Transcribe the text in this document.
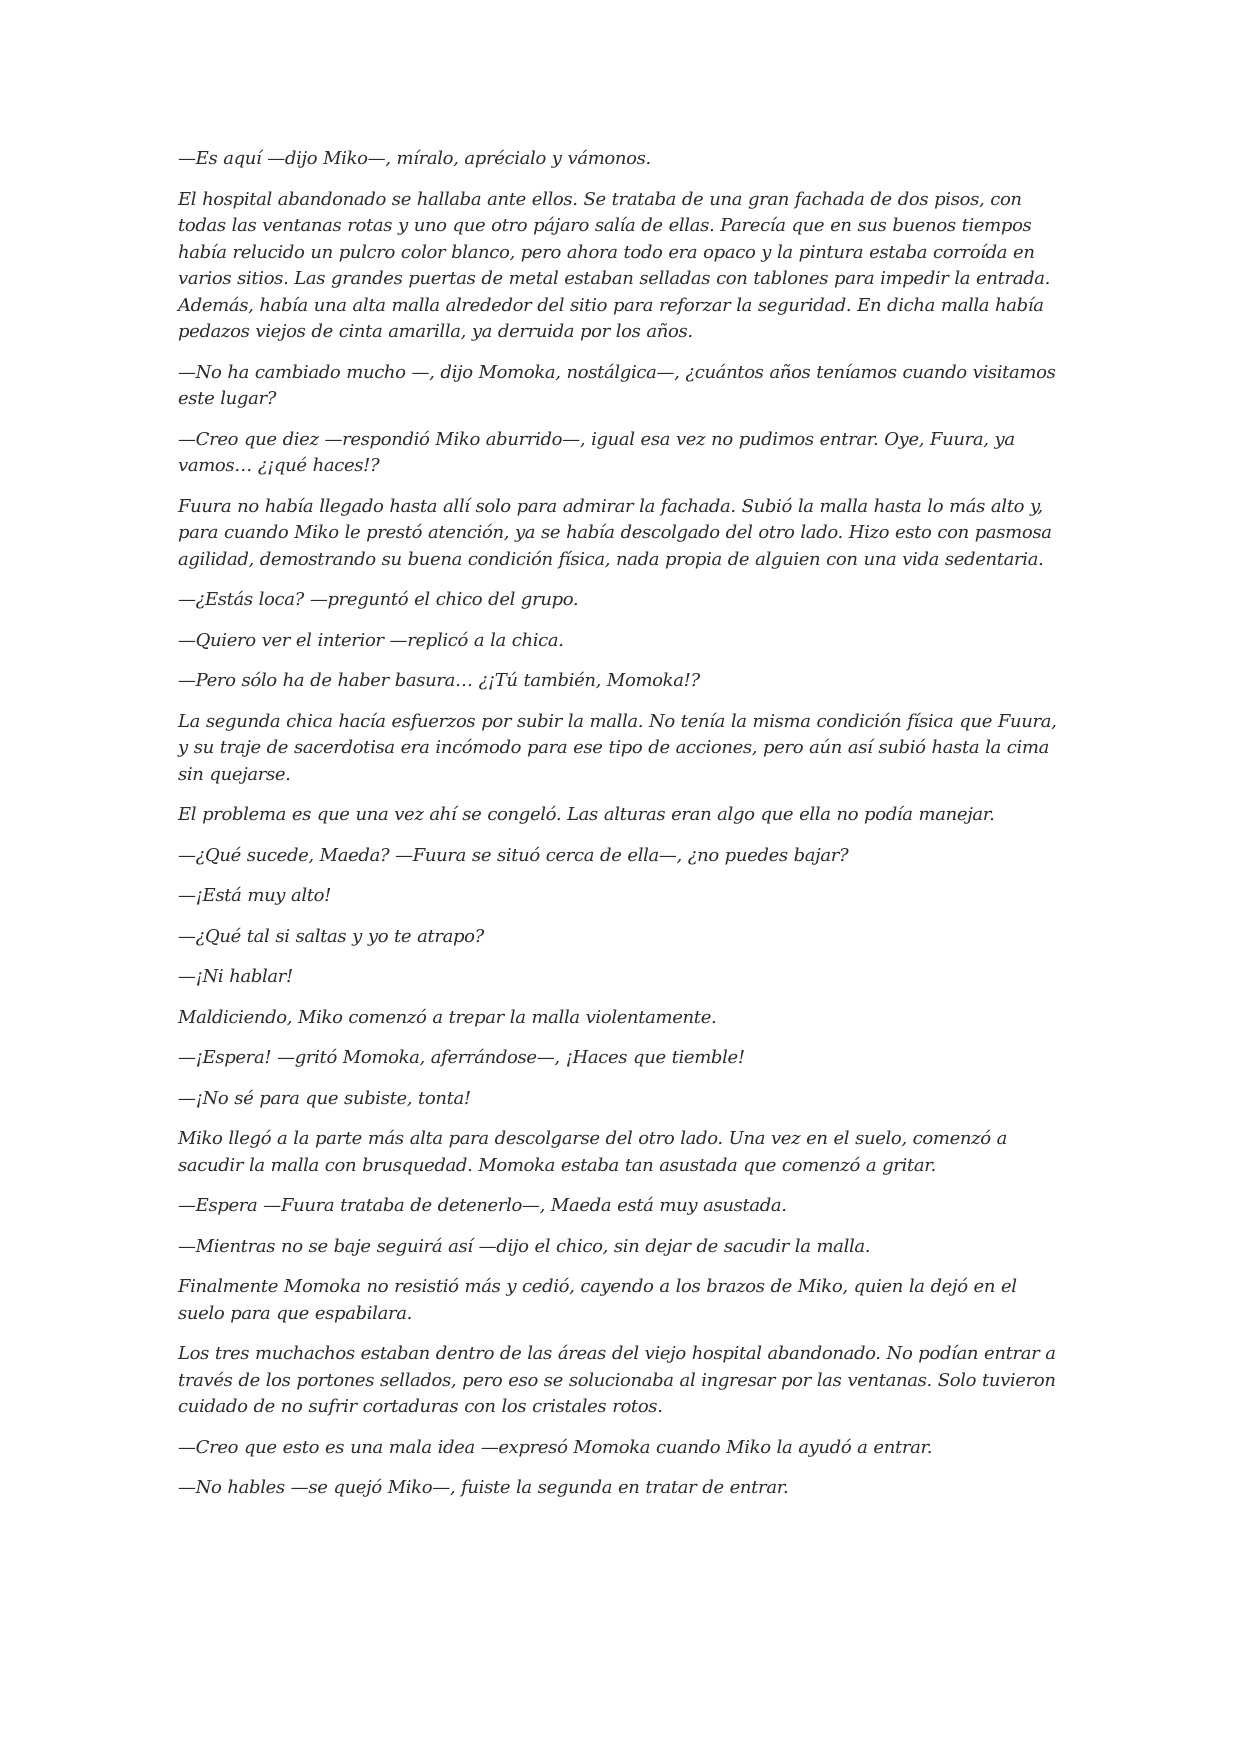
—Es aquí —dijo Miko—, míralo, aprécialo y vámonos.

El hospital abandonado se hallaba ante ellos. Se trataba de una gran fachada de dos pisos, con todas las ventanas rotas y uno que otro pájaro salía de ellas. Parecía que en sus buenos tiempos había relucido un pulcro color blanco, pero ahora todo era opaco y la pintura estaba corroída en varios sitios. Las grandes puertas de metal estaban selladas con tablones para impedir la entrada. Además, había una alta malla alrededor del sitio para reforzar la seguridad. En dicha malla había pedazos viejos de cinta amarilla, ya derruida por los años.

—No ha cambiado mucho —, dijo Momoka, nostálgica—, ¿cuántos años teníamos cuando visitamos este lugar?

—Creo que diez —respondió Miko aburrido—, igual esa vez no pudimos entrar. Oye, Fuura, ya vamos… ¿¡qué haces!?

Fuura no había llegado hasta allí solo para admirar la fachada. Subió la malla hasta lo más alto y, para cuando Miko le prestó atención, ya se había descolgado del otro lado. Hizo esto con pasmosa agilidad, demostrando su buena condición física, nada propia de alguien con una vida sedentaria.

—¿Estás loca? —preguntó el chico del grupo.

—Quiero ver el interior —replicó a la chica.

—Pero sólo ha de haber basura… ¿¡Tú también, Momoka!?

La segunda chica hacía esfuerzos por subir la malla. No tenía la misma condición física que Fuura, y su traje de sacerdotisa era incómodo para ese tipo de acciones, pero aún así subió hasta la cima sin quejarse.

El problema es que una vez ahí se congeló. Las alturas eran algo que ella no podía manejar.

—¿Qué sucede, Maeda? —Fuura se situó cerca de ella—, ¿no puedes bajar?

—¡Está muy alto!

—¿Qué tal si saltas y yo te atrapo?

—¡Ni hablar!

Maldiciendo, Miko comenzó a trepar la malla violentamente.

—¡Espera! —gritó Momoka, aferrándose—, ¡Haces que tiemble!

—¡No sé para que subiste, tonta!

Miko llegó a la parte más alta para descolgarse del otro lado. Una vez en el suelo, comenzó a sacudir la malla con brusquedad. Momoka estaba tan asustada que comenzó a gritar.

—Espera —Fuura trataba de detenerlo—, Maeda está muy asustada.

—Mientras no se baje seguirá así —dijo el chico, sin dejar de sacudir la malla.

Finalmente Momoka no resistió más y cedió, cayendo a los brazos de Miko, quien la dejó en el suelo para que espabilara.

Los tres muchachos estaban dentro de las áreas del viejo hospital abandonado. No podían entrar a través de los portones sellados, pero eso se solucionaba al ingresar por las ventanas. Solo tuvieron cuidado de no sufrir cortaduras con los cristales rotos.

—Creo que esto es una mala idea —expresó Momoka cuando Miko la ayudó a entrar.

—No hables —se quejó Miko—, fuiste la segunda en tratar de entrar.
